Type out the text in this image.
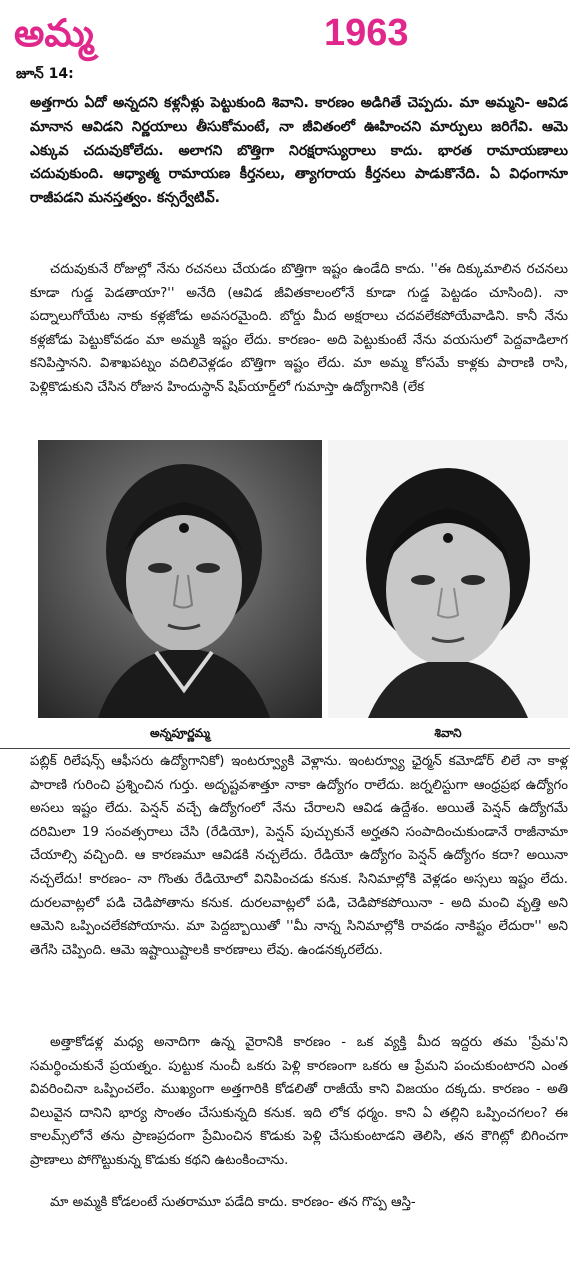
అమ్మ	1963
జూన్ 14:

అత్తగారు ఏదో అన్నదని కళ్లనీళ్లు పెట్టుకుంది శివాని. కారణం అడిగితే చెప్పదు. మా అమ్మని- ఆవిడ మానాన ఆవిడని నిర్ణయాలు తీసుకోమంటే, నా జీవితంలో ఊహించని మార్పులు జరిగేవి. ఆమె ఎక్కువ చదువుకోలేదు. అలాగని బొత్తిగా నిరక్షరాస్యురాలు కాదు. భారత రామాయణాలు చదువుకుంది. ఆధ్యాత్మ రామాయణ కీర్తనలు, త్యాగరాయ కీర్తనలు పాడుకొనేది. ఏ విధంగానూ రాజీపడని మనస్తత్వం. కన్సర్వేటివ్.

చదువుకునే రోజుల్లో నేను రచనలు చేయడం బొత్తిగా ఇష్టం ఉండేది కాదు. ''ఈ దిక్కుమాలిన రచనలు కూడా గుడ్డ పెడతాయా?'' అనేది (ఆవిడ జీవితకాలంలోనే కూడా గుడ్డ పెట్టడం చూసింది). నా పద్నాలుగోయేట నాకు కళ్లజోడు అవసరమైంది. బోర్డు మీద అక్షరాలు చదవలేకపోయేవాడిని. కానీ నేను కళ్లజోడు పెట్టుకోవడం మా అమ్మకి ఇష్టం లేదు. కారణం- అది పెట్టుకుంటే నేను వయసులో పెద్దవాడిలాగ కనిపిస్తానని. విశాఖపట్నం వదిలివెళ్లడం బొత్తిగా ఇష్టం లేదు. మా అమ్మ కోసమే కాళ్లకు పారాణి రాసి, పెళ్లికొడుకుని చేసిన రోజున హిందుస్థాన్ షిప్‌యార్డ్‌లో గుమాస్తా ఉద్యోగానికి (లేక

అన్నపూర్ణమ్మ	శివాని

పబ్లిక్ రిలేషన్స్ ఆఫీసరు ఉద్యోగానికో) ఇంటర్వ్యూకి వెళ్లాను. ఇంటర్వ్యూ ఛైర్మన్ కమోడోర్ లిలే నా కాళ్ల పారాణి గురించి ప్రశ్నించిన గుర్తు. అదృష్టవశాత్తూ నాకా ఉద్యోగం రాలేదు. జర్నలిస్టుగా ఆంధ్రప్రభ ఉద్యోగం అసలు ఇష్టం లేదు. పెన్షన్ వచ్చే ఉద్యోగంలో నేను చేరాలని ఆవిడ ఉద్దేశం. అయితే పెన్షన్ ఉద్యోగమే దరిమిలా 19 సంవత్సరాలు చేసి (రేడియో), పెన్షన్ పుచ్చుకునే అర్హతని సంపాదించుకుండానే రాజీనామా చేయాల్సి వచ్చింది. ఆ కారణమూ ఆవిడకి నచ్చలేదు. రేడియో ఉద్యోగం పెన్షన్ ఉద్యోగం కదా? అయినా నచ్చలేదు! కారణం- నా గొంతు రేడియోలో వినిపించడు కనుక. సినిమాల్లోకి వెళ్లడం అస్సలు ఇష్టం లేదు. దురలవాట్లలో పడి చెడిపోతాను కనుక. దురలవాట్లలో పడి, చెడిపోకపోయినా - అది మంచి వృత్తి అని ఆమెని ఒప్పించలేకపోయాను. మా పెద్దబ్బాయితో ''మీ నాన్న సినిమాల్లోకి రావడం నాకిష్టం లేదురా'' అని తెగేసి చెప్పింది. ఆమె ఇష్టాయిష్టాలకి కారణాలు లేవు. ఉండనక్కరలేదు.

అత్తాకోడళ్ల మధ్య అనాదిగా ఉన్న వైరానికి కారణం - ఒక వ్యక్తి మీద ఇద్దరు తమ 'ప్రేమ'ని సమర్థించుకునే ప్రయత్నం. పుట్టుక నుంచీ ఒకరు పెళ్లి కారణంగా ఒకరు ఆ ప్రేమని పంచుకుంటారని ఎంత వివరించినా ఒప్పించలేం. ముఖ్యంగా అత్తగారికి కోడలితో రాజీయే కాని విజయం దక్కదు. కారణం - అతి విలువైన దానిని భార్య సొంతం చేసుకున్నది కనుక. ఇది లోక ధర్మం. కాని ఏ తల్లిని ఒప్పించగలం? ఈ కాలమ్స్‌లోనే తను ప్రాణప్రదంగా ప్రేమించిన కొడుకు పెళ్లి చేసుకుంటాడని తెలిసి, తన కౌగిట్లో బిగించగా ప్రాణాలు పోగొట్టుకున్న కొడుకు కథని ఉటంకించాను.

మా అమ్మకి కోడలంటే సుతరామూ పడేది కాదు. కారణం- తన గొప్ప ఆస్తి-
